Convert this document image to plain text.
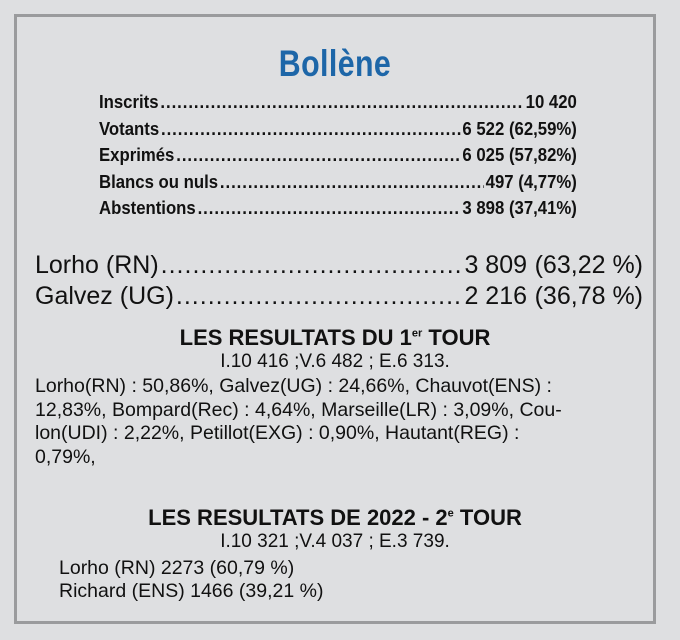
Bollène
Inscrits .....	10 420
Votants .....	6 522 (62,59%)
Exprimés .....	6 025 (57,82%)
Blancs ou nuls .....	497 (4,77%)
Abstentions .....	3 898 (37,41%)
Lorho (RN) .....	3 809 (63,22 %)
Galvez (UG) .....	2 216 (36,78 %)
LES RESULTATS DU 1er TOUR
I.10 416 ;V.6 482 ; E.6 313.
Lorho(RN) : 50,86%, Galvez(UG) : 24,66%, Chauvot(ENS) :
12,83%, Bompard(Rec) : 4,64%, Marseille(LR) : 3,09%, Cou-
lon(UDI) : 2,22%, Petillot(EXG) : 0,90%, Hautant(REG) :
0,79%,
LES RESULTATS DE 2022 - 2e TOUR
I.10 321 ;V.4 037 ; E.3 739.
Lorho (RN) 2273 (60,79 %)
Richard (ENS) 1466 (39,21 %)
